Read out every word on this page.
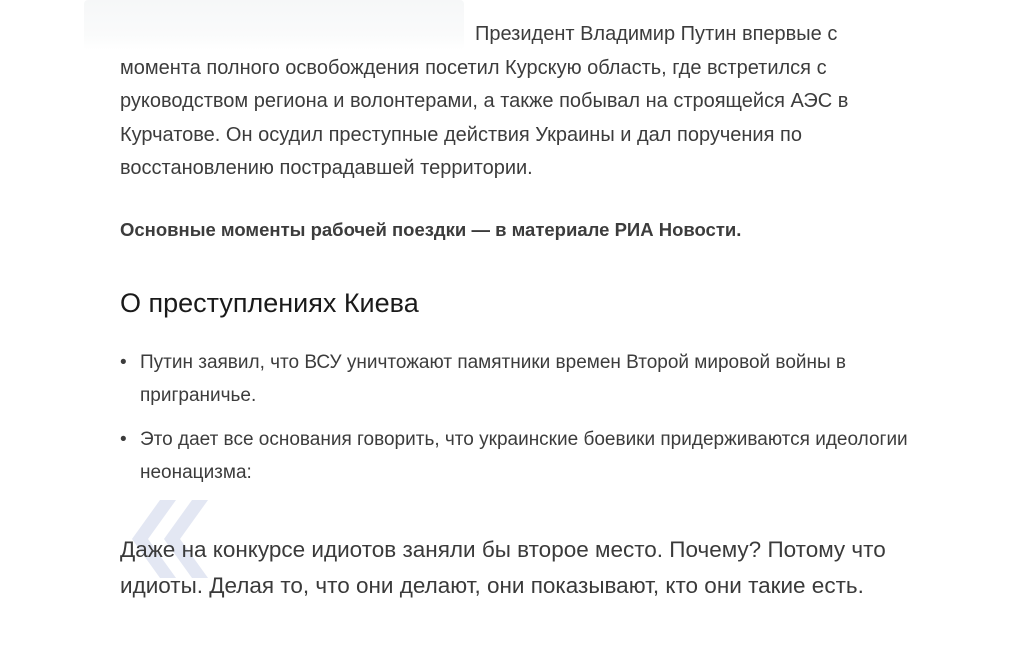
Президент Владимир Путин впервые с момента полного освобождения посетил Курскую область, где встретился с руководством региона и волонтерами, а также побывал на строящейся АЭС в Курчатове. Он осудил преступные действия Украины и дал поручения по восстановлению пострадавшей территории.

Основные моменты рабочей поездки — в материале РИА Новости.

О преступлениях Киева
• Путин заявил, что ВСУ уничтожают памятники времен Второй мировой войны в приграничье.
• Это дает все основания говорить, что украинские боевики придерживаются идеологии неонацизма:

Даже на конкурсе идиотов заняли бы второе место. Почему? Потому что идиоты. Делая то, что они делают, они показывают, кто они такие есть.
